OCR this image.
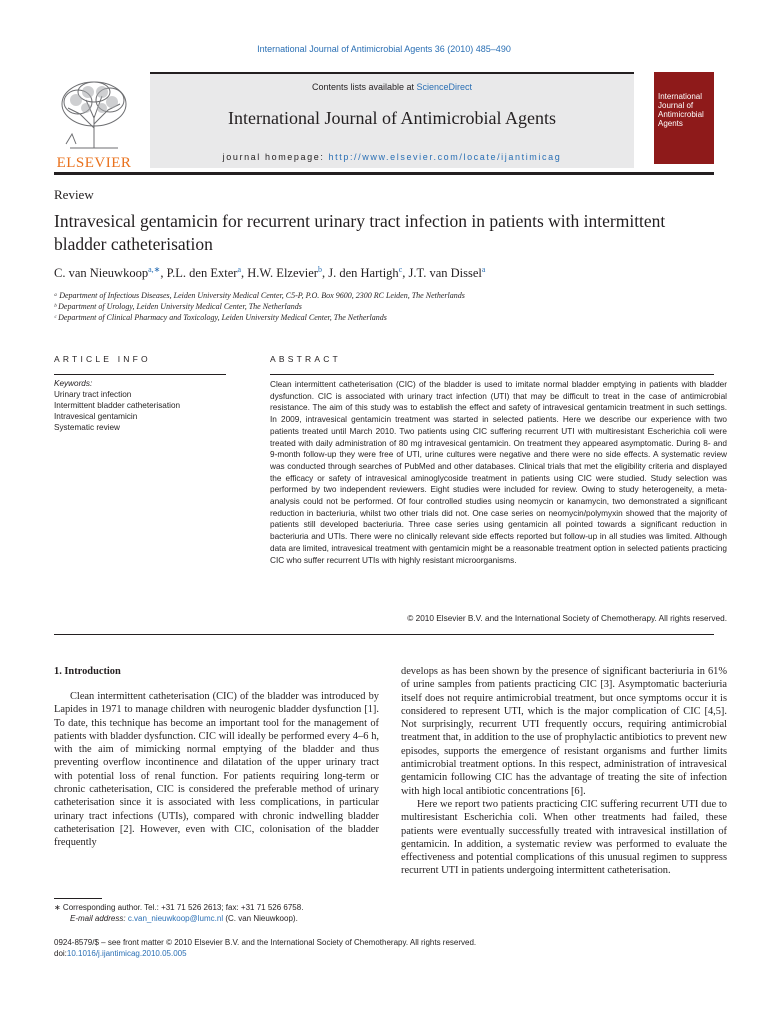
International Journal of Antimicrobial Agents 36 (2010) 485–490
ELSEVIER
Contents lists available at ScienceDirect
International Journal of Antimicrobial Agents
journal homepage: http://www.elsevier.com/locate/ijantimicag
International Journal of Antimicrobial Agents
Review
Intravesical gentamicin for recurrent urinary tract infection in patients with intermittent bladder catheterisation
C. van Nieuwkoop$^{a,∗}$, P.L. den Exter$^a$, H.W. Elzevier$^b$, J. den Hartigh$^c$, J.T. van Dissel$^a$
ᵃ Department of Infectious Diseases, Leiden University Medical Center, C5-P, P.O. Box 9600, 2300 RC Leiden, The Netherlands
ᵇ Department of Urology, Leiden University Medical Center, The Netherlands
ᶜ Department of Clinical Pharmacy and Toxicology, Leiden University Medical Center, The Netherlands
ARTICLE INFO
Keywords:
Urinary tract infection
Intermittent bladder catheterisation
Intravesical gentamicin
Systematic review
ABSTRACT
Clean intermittent catheterisation (CIC) of the bladder is used to imitate normal bladder emptying in patients with bladder dysfunction. CIC is associated with urinary tract infection (UTI) that may be difficult to treat in the case of antimicrobial resistance. The aim of this study was to establish the effect and safety of intravesical gentamicin treatment in such settings. In 2009, intravesical gentamicin treatment was started in selected patients. Here we describe our experience with two patients treated until March 2010. Two patients using CIC suffering recurrent UTI with multiresistant Escherichia coli were treated with daily administration of 80 mg intravesical gentamicin. On treatment they appeared asymptomatic. During 8- and 9-month follow-up they were free of UTI, urine cultures were negative and there were no side effects. A systematic review was conducted through searches of PubMed and other databases. Clinical trials that met the eligibility criteria and displayed the efficacy or safety of intravesical aminoglycoside treatment in patients using CIC were studied. Study selection was performed by two independent reviewers. Eight studies were included for review. Owing to study heterogeneity, a meta-analysis could not be performed. Of four controlled studies using neomycin or kanamycin, two demonstrated a significant reduction in bacteriuria, whilst two other trials did not. One case series on neomycin/polymyxin showed that the majority of patients still developed bacteriuria. Three case series using gentamicin all pointed towards a significant reduction in bacteriuria and UTIs. There were no clinically relevant side effects reported but follow-up in all studies was limited. Although data are limited, intravesical treatment with gentamicin might be a reasonable treatment option in selected patients practicing CIC who suffer recurrent UTIs with highly resistant microorganisms.
© 2010 Elsevier B.V. and the International Society of Chemotherapy. All rights reserved.
1. Introduction

Clean intermittent catheterisation (CIC) of the bladder was introduced by Lapides in 1971 to manage children with neurogenic bladder dysfunction [1]. To date, this technique has become an important tool for the management of patients with bladder dysfunction. CIC will ideally be performed every 4–6 h, with the aim of mimicking normal emptying of the bladder and thus preventing overflow incontinence and dilatation of the upper urinary tract with potential loss of renal function. For patients requiring long-term or chronic catheterisation, CIC is considered the preferable method of urinary catheterisation since it is associated with less complications, in particular urinary tract infections (UTIs), compared with chronic indwelling bladder catheterisation [2]. However, even with CIC, colonisation of the bladder frequently

develops as has been shown by the presence of significant bacteriuria in 61% of urine samples from patients practicing CIC [3]. Asymptomatic bacteriuria itself does not require antimicrobial treatment, but once symptoms occur it is considered to represent UTI, which is the major complication of CIC [4,5]. Not surprisingly, recurrent UTI frequently occurs, requiring antimicrobial treatment that, in addition to the use of prophylactic antibiotics to prevent new episodes, supports the emergence of resistant organisms and further limits antimicrobial treatment options. In this respect, administration of intravesical gentamicin following CIC has the advantage of treating the site of infection with high local antibiotic concentrations [6].

Here we report two patients practicing CIC suffering recurrent UTI due to multiresistant Escherichia coli. When other treatments had failed, these patients were eventually successfully treated with intravesical instillation of gentamicin. In addition, a systematic review was performed to evaluate the effectiveness and potential complications of this unusual regimen to suppress recurrent UTI in patients undergoing intermittent catheterisation.

∗ Corresponding author. Tel.: +31 71 526 2613; fax: +31 71 526 6758.
E-mail address: c.van_nieuwkoop@lumc.nl (C. van Nieuwkoop).
0924-8579/$ – see front matter © 2010 Elsevier B.V. and the International Society of Chemotherapy. All rights reserved.
doi:10.1016/j.ijantimicag.2010.05.005
